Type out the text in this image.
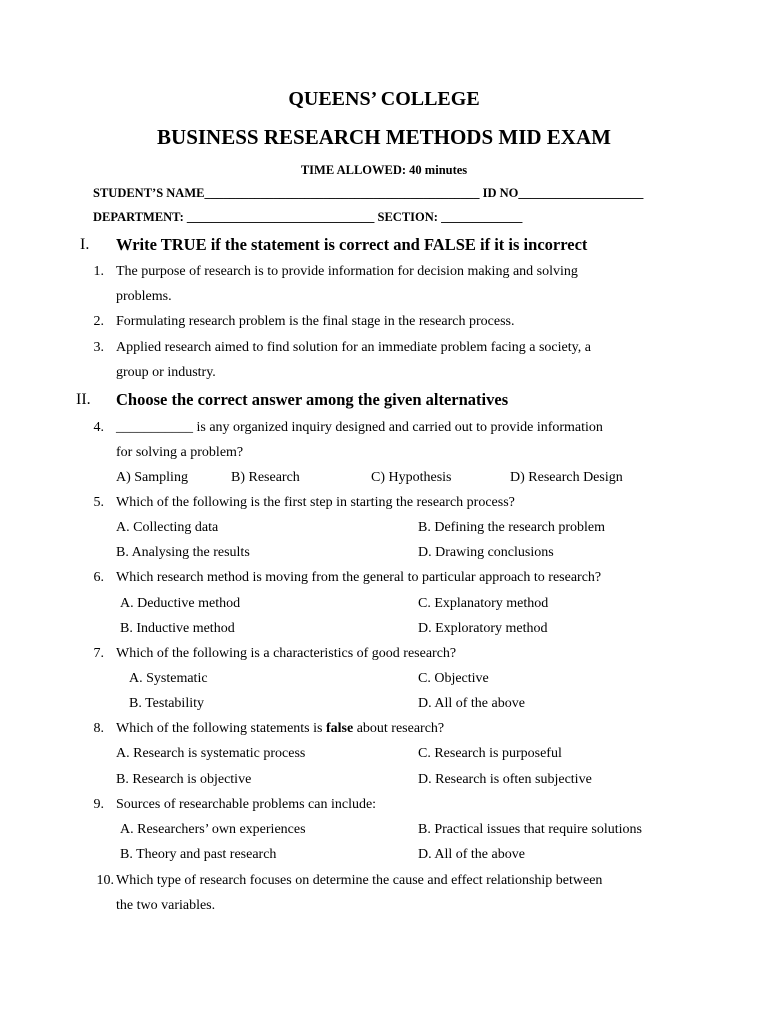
QUEENS’ COLLEGE
BUSINESS RESEARCH METHODS MID EXAM
TIME ALLOWED: 40 minutes
STUDENT’S NAME____________________________________________ ID NO____________________
DEPARTMENT: ______________________________ SECTION: _____________
I. Write TRUE if the statement is correct and FALSE if it is incorrect
1. The purpose of research is to provide information for decision making and solving
problems.
2. Formulating research problem is the final stage in the research process.
3. Applied research aimed to find solution for an immediate problem facing a society, a
group or industry.
II. Choose the correct answer among the given alternatives
4. ___________ is any organized inquiry designed and carried out to provide information
for solving a problem?
A) Sampling	B) Research	C) Hypothesis	D) Research Design
5. Which of the following is the first step in starting the research process?
A. Collecting data	B. Defining the research problem
B. Analysing the results	D. Drawing conclusions
6. Which research method is moving from the general to particular approach to research?
A. Deductive method	C. Explanatory method
B. Inductive method	D. Exploratory method
7. Which of the following is a characteristics of good research?
A. Systematic	C. Objective
B. Testability	D. All of the above
8. Which of the following statements is false about research?
A. Research is systematic process	C. Research is purposeful
B. Research is objective	D. Research is often subjective
9. Sources of researchable problems can include:
A. Researchers’ own experiences	B. Practical issues that require solutions
B. Theory and past research	D. All of the above
10. Which type of research focuses on determine the cause and effect relationship between
the two variables.
